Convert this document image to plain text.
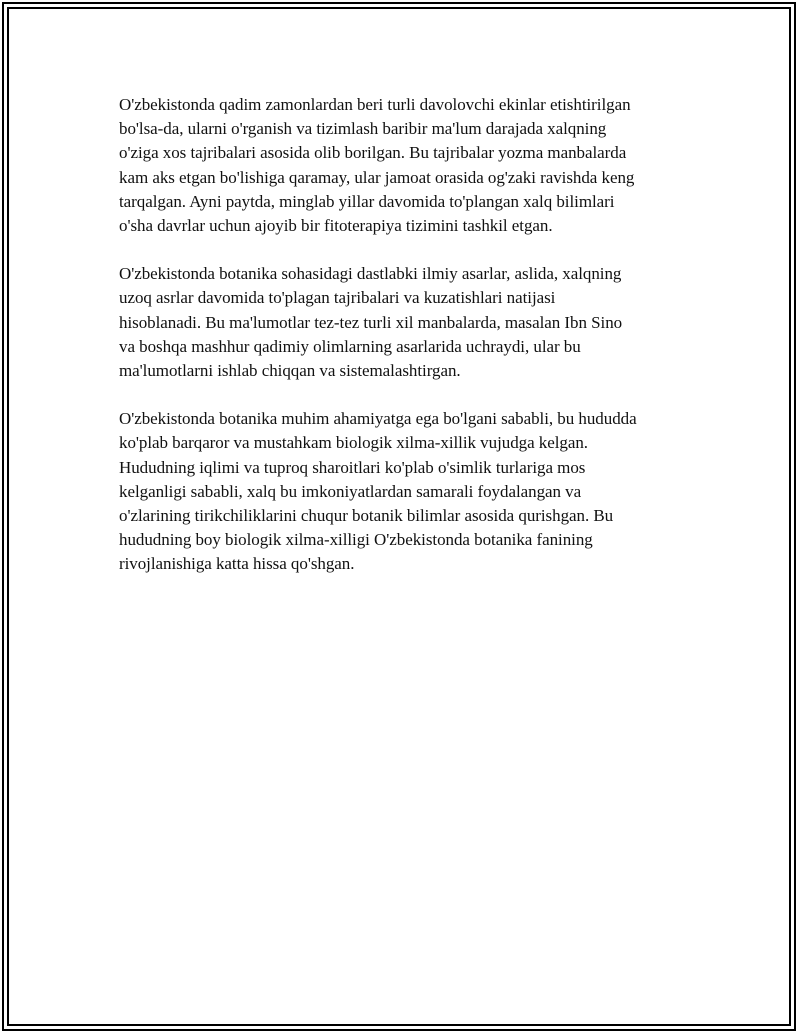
O'zbekistonda qadim zamonlardan beri turli davolovchi ekinlar etishtirilgan
bo'lsa-da, ularni o'rganish va tizimlash baribir ma'lum darajada xalqning
o'ziga xos tajribalari asosida olib borilgan. Bu tajribalar yozma manbalarda
kam aks etgan bo'lishiga qaramay, ular jamoat orasida og'zaki ravishda keng
tarqalgan. Ayni paytda, minglab yillar davomida to'plangan xalq bilimlari
o'sha davrlar uchun ajoyib bir fitoterapiya tizimini tashkil etgan.

O'zbekistonda botanika sohasidagi dastlabki ilmiy asarlar, aslida, xalqning
uzoq asrlar davomida to'plagan tajribalari va kuzatishlari natijasi
hisoblanadi. Bu ma'lumotlar tez-tez turli xil manbalarda, masalan Ibn Sino
va boshqa mashhur qadimiy olimlarning asarlarida uchraydi, ular bu
ma'lumotlarni ishlab chiqqan va sistemalashtirgan.

O'zbekistonda botanika muhim ahamiyatga ega bo'lgani sababli, bu hududda
ko'plab barqaror va mustahkam biologik xilma-xillik vujudga kelgan.
Hududning iqlimi va tuproq sharoitlari ko'plab o'simlik turlariga mos
kelganligi sababli, xalq bu imkoniyatlardan samarali foydalangan va
o'zlarining tirikchiliklarini chuqur botanik bilimlar asosida qurishgan. Bu
hududning boy biologik xilma-xilligi O'zbekistonda botanika fanining
rivojlanishiga katta hissa qo'shgan.
